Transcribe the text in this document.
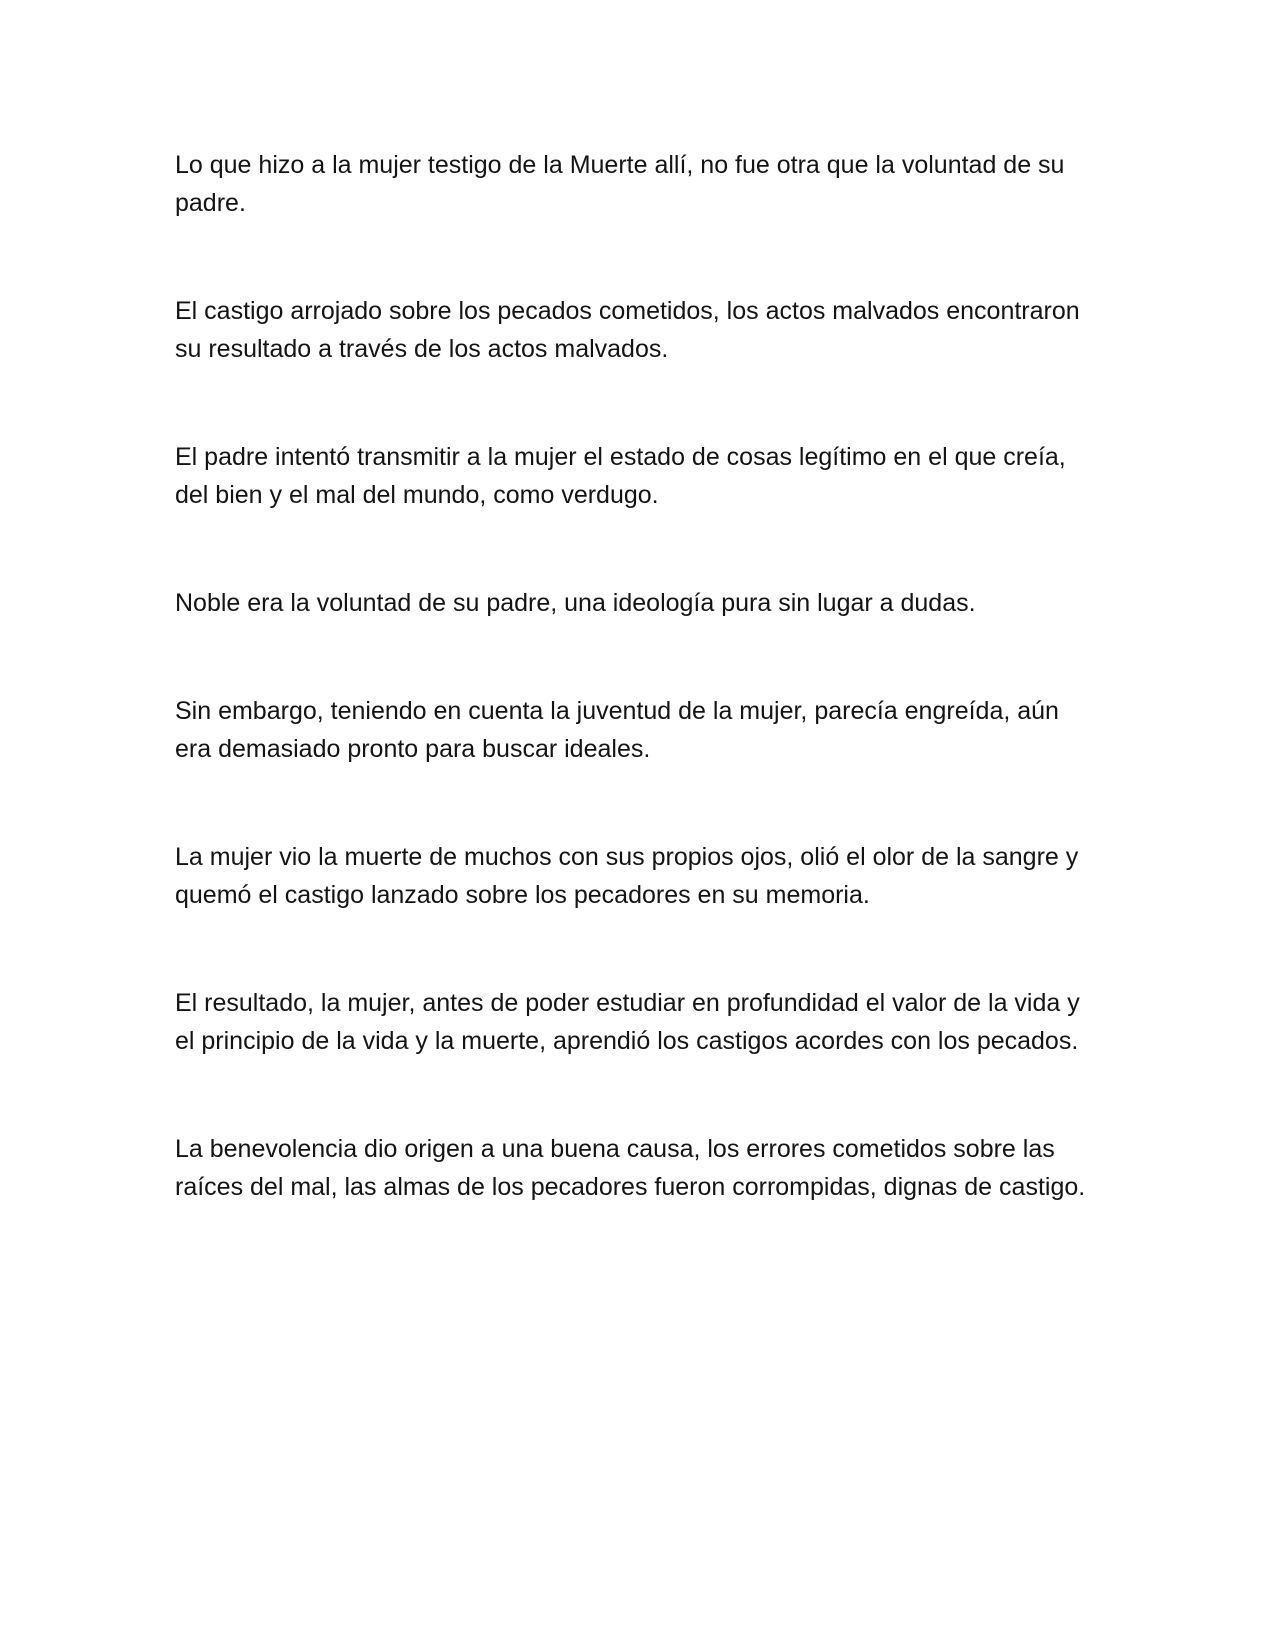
Lo que hizo a la mujer testigo de la Muerte allí, no fue otra que la voluntad de su padre.

El castigo arrojado sobre los pecados cometidos, los actos malvados encontraron su resultado a través de los actos malvados.

El padre intentó transmitir a la mujer el estado de cosas legítimo en el que creía, del bien y el mal del mundo, como verdugo.

Noble era la voluntad de su padre, una ideología pura sin lugar a dudas.

Sin embargo, teniendo en cuenta la juventud de la mujer, parecía engreída, aún era demasiado pronto para buscar ideales.

La mujer vio la muerte de muchos con sus propios ojos, olió el olor de la sangre y quemó el castigo lanzado sobre los pecadores en su memoria.

El resultado, la mujer, antes de poder estudiar en profundidad el valor de la vida y el principio de la vida y la muerte, aprendió los castigos acordes con los pecados.

La benevolencia dio origen a una buena causa, los errores cometidos sobre las raíces del mal, las almas de los pecadores fueron corrompidas, dignas de castigo.
